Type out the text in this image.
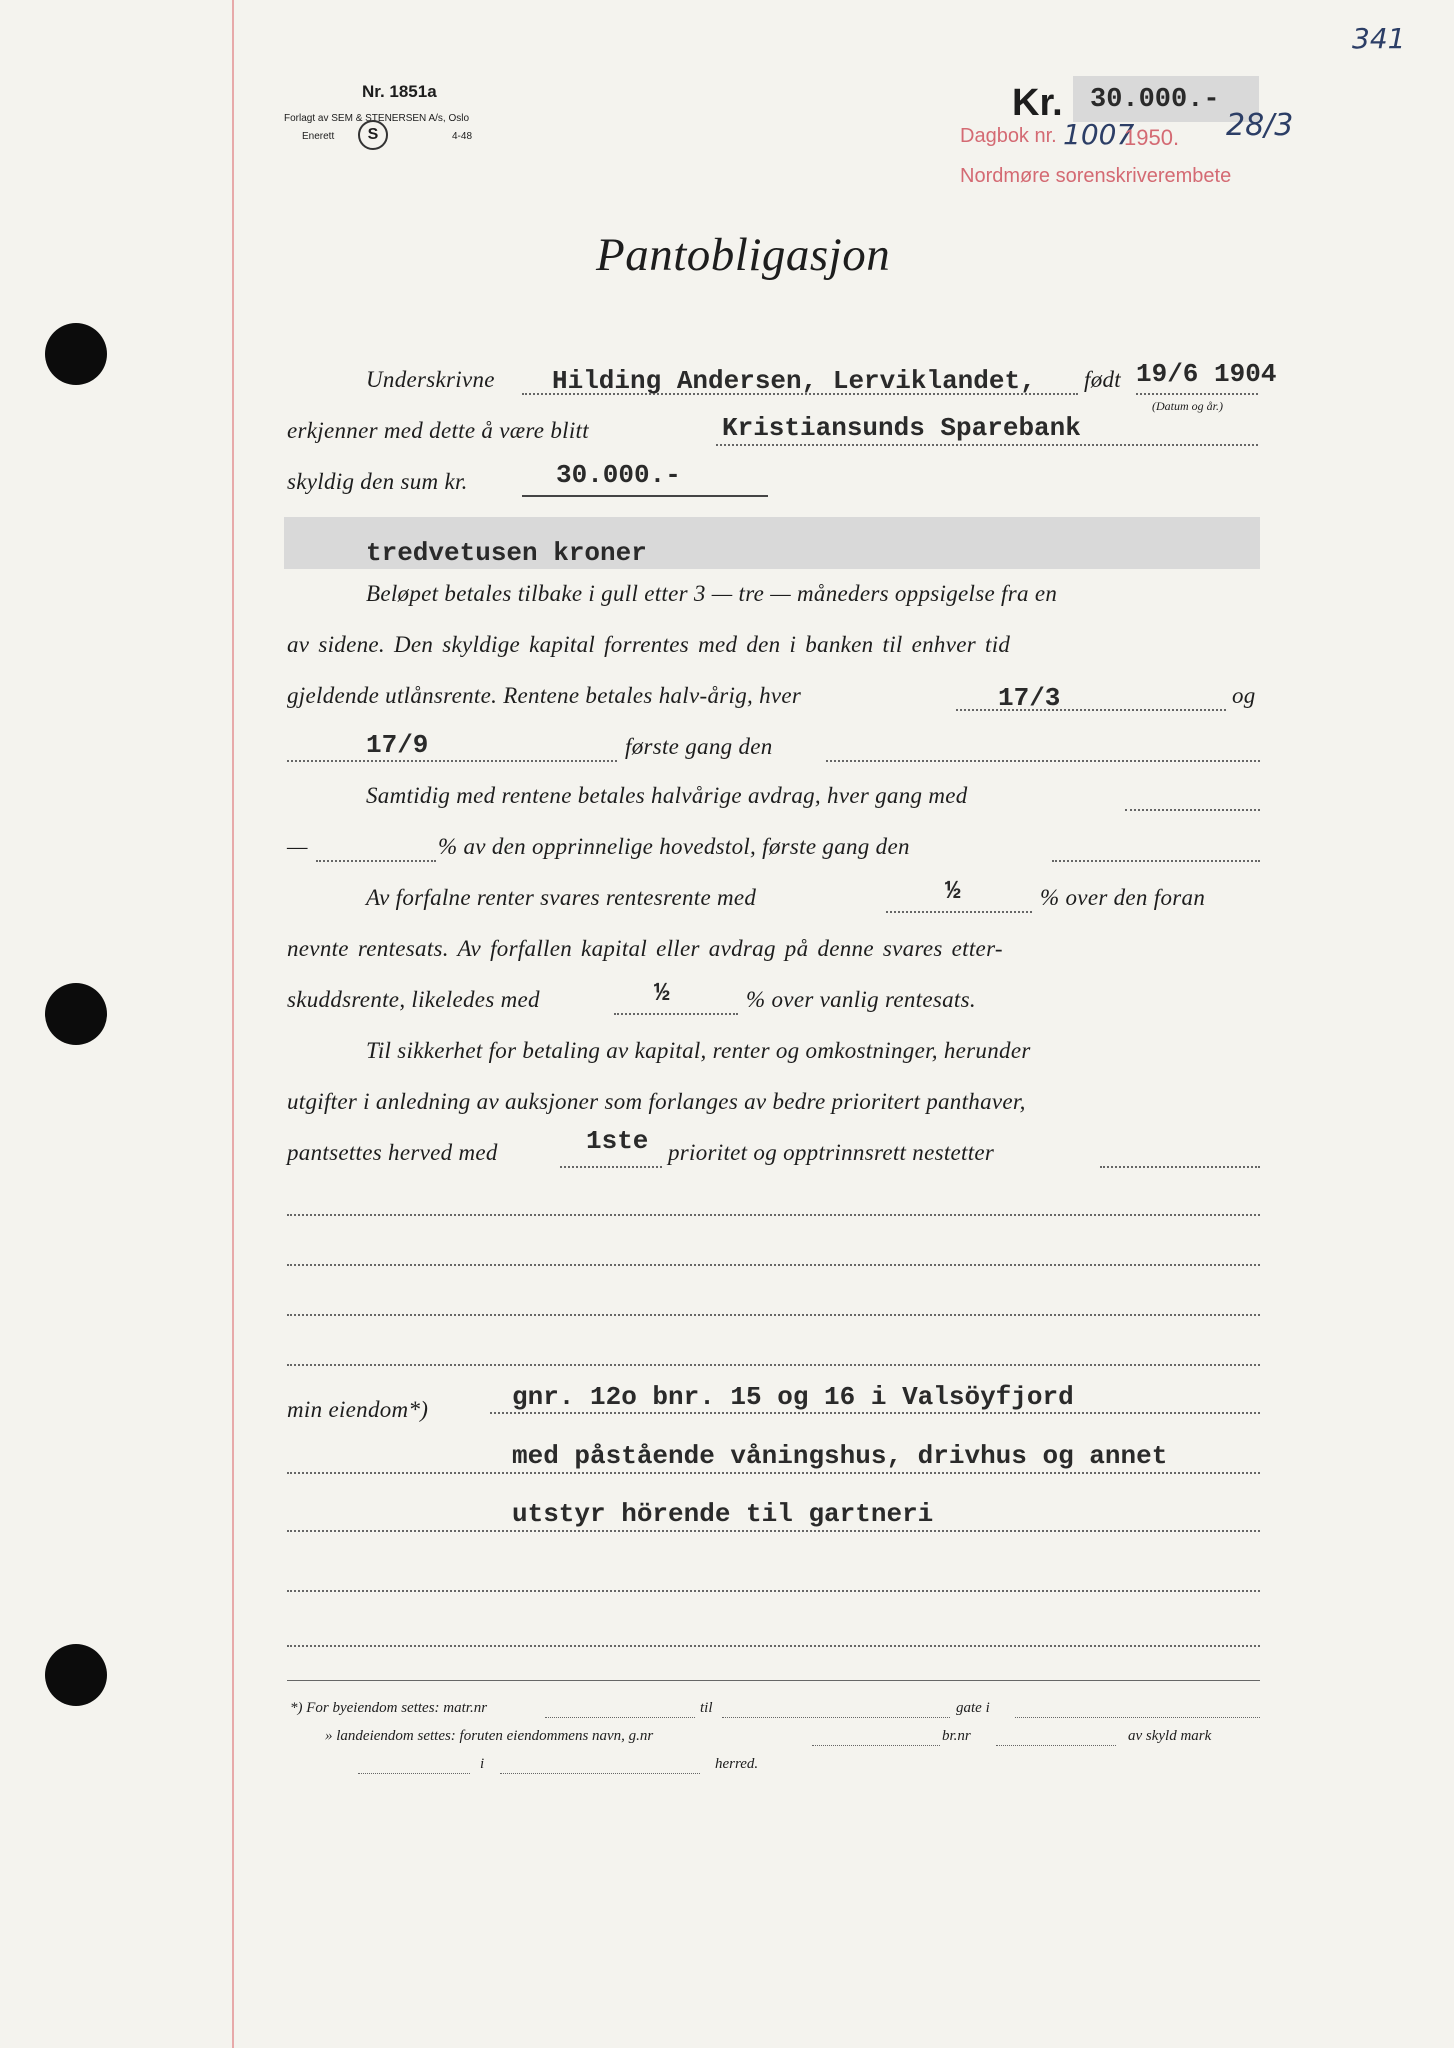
341
Nr. 1851a
Forlagt av SEM & STENERSEN A/s, Oslo
Enerett	S	4-48
Kr. 30.000.-
Dagbok nr. 1007
1950. 28/3
Nordmøre sorenskriverembete
Pantobligasjon
Underskrivne Hilding Andersen, Lerviklandet, født 19/6 1904
(Datum og år.)
erkjenner med dette å være blitt	Kristiansunds Sparebank
skyldig den sum kr.	30.000.-
tredvetusen kroner
Beløpet betales tilbake i gull etter 3 — tre — måneders oppsigelse fra en
av sidene. Den skyldige kapital forrentes med den i banken til enhver tid
gjeldende utlånsrente. Rentene betales halv-årig, hver	17/3	og
17/9	første gang den
Samtidig med rentene betales halvårige avdrag, hver gang med
—	% av den opprinnelige hovedstol, første gang den
Av forfalne renter svares rentesrente med	½	% over den foran
nevnte rentesats. Av forfallen kapital eller avdrag på denne svares etter-
skuddsrente, likeledes med	½	% over vanlig rentesats.
Til sikkerhet for betaling av kapital, renter og omkostninger, herunder
utgifter i anledning av auksjoner som forlanges av bedre prioritert panthaver,
pantsettes herved med	1ste prioritet og opptrinnsrett nestetter
min eiendom*)	gnr. 12o bnr. 15 og 16 i Valsöyfjord
med påstående våningshus, drivhus og annet
utstyr hörende til gartneri
*) For byeiendom settes: matr.nr	til	gate i
» landeiendom settes: foruten eiendommens navn, g.nr	br.nr	av skyld mark
i	herred.
